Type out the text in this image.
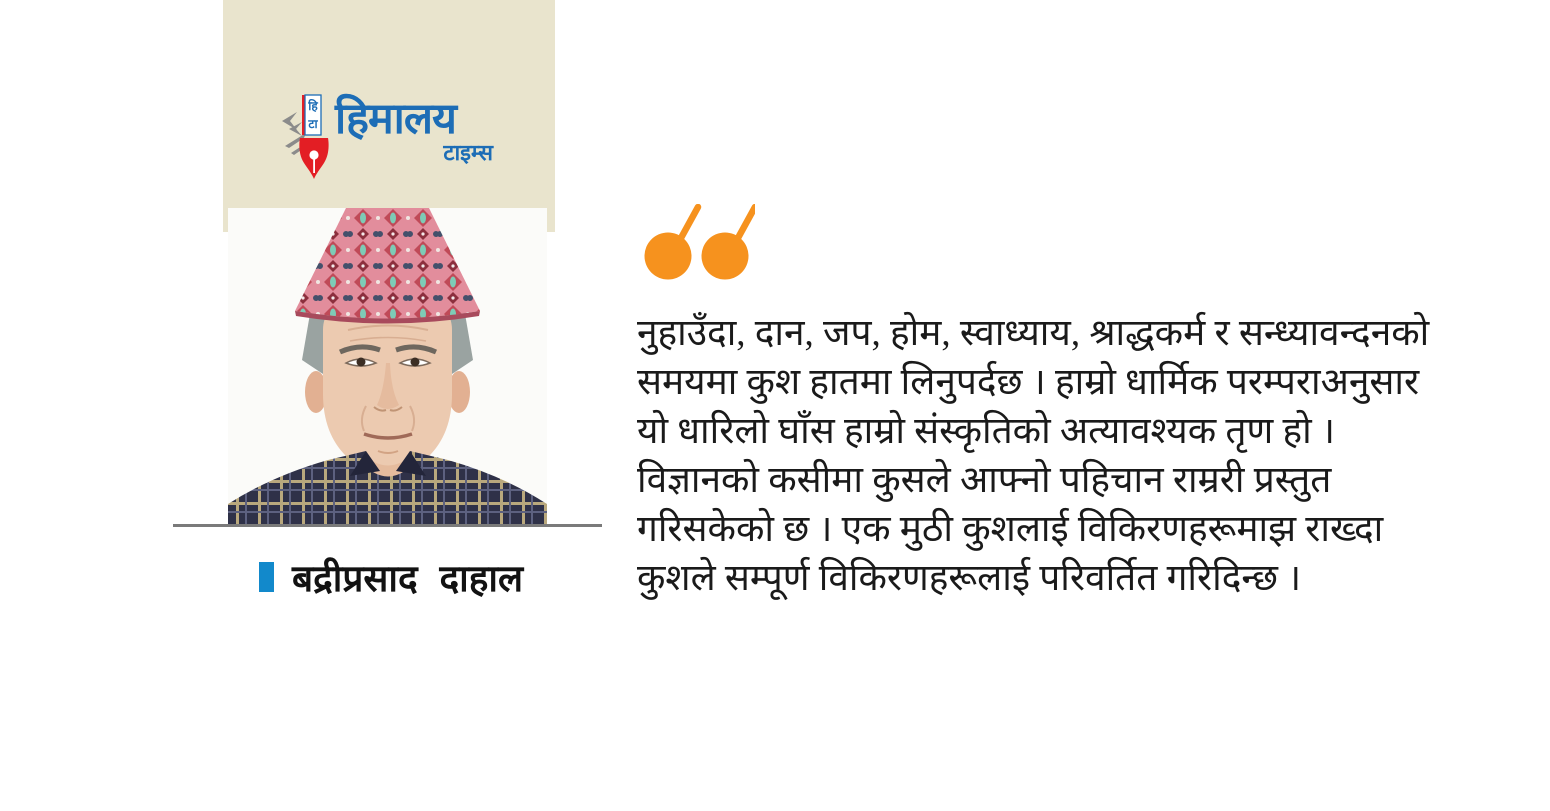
हि
टा हिमालय
टाइम्स
बद्रीप्रसाद दाहाल
नुहाउँदा, दान, जप, होम, स्वाध्याय, श्राद्धकर्म र सन्ध्यावन्दनको
समयमा कुश हातमा लिनुपर्दछ । हाम्रो धार्मिक परम्पराअनुसार
यो धारिलो घाँस हाम्रो संस्कृतिको अत्यावश्यक तृण हो ।
विज्ञानको कसीमा कुसले आफ्नो पहिचान राम्ररी प्रस्तुत
गरिसकेको छ । एक मुठी कुशलाई विकिरणहरूमाझ राख्दा
कुशले सम्पूर्ण विकिरणहरूलाई परिवर्तित गरिदिन्छ ।
